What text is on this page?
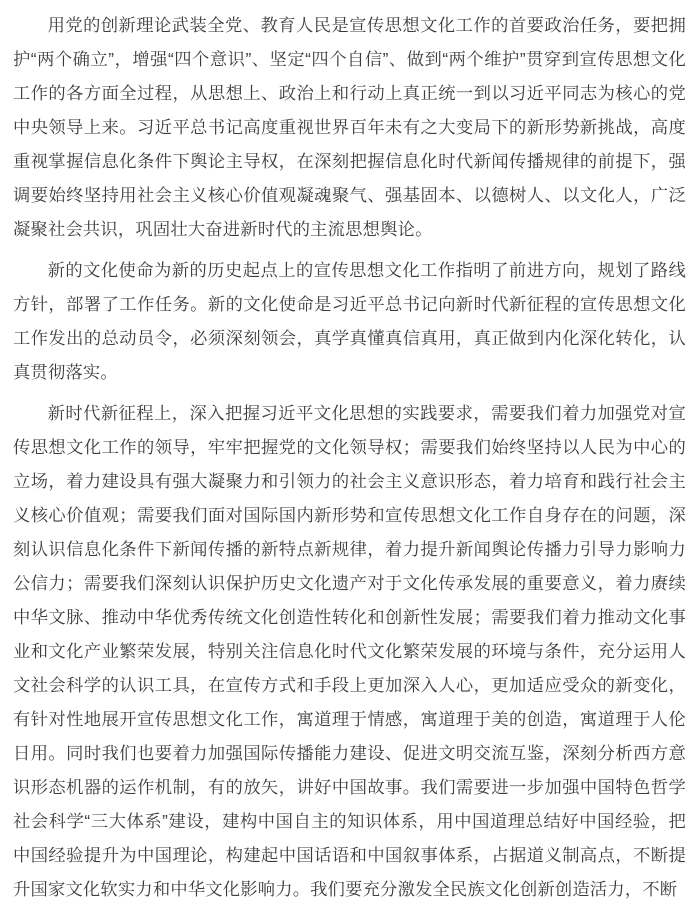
用党的创新理论武装全党、教育人民是宣传思想文化工作的首要政治任务，要把拥护“两个确立”，增强“四个意识”、坚定“四个自信”、做到“两个维护”贯穿到宣传思想文化工作的各方面全过程，从思想上、政治上和行动上真正统一到以习近平同志为核心的党中央领导上来。习近平总书记高度重视世界百年未有之大变局下的新形势新挑战，高度重视掌握信息化条件下舆论主导权，在深刻把握信息化时代新闻传播规律的前提下，强调要始终坚持用社会主义核心价值观凝魂聚气、强基固本、以德树人、以文化人，广泛凝聚社会共识，巩固壮大奋进新时代的主流思想舆论。

新的文化使命为新的历史起点上的宣传思想文化工作指明了前进方向，规划了路线方针，部署了工作任务。新的文化使命是习近平总书记向新时代新征程的宣传思想文化工作发出的总动员令，必须深刻领会，真学真懂真信真用，真正做到内化深化转化，认真贯彻落实。

新时代新征程上，深入把握习近平文化思想的实践要求，需要我们着力加强党对宣传思想文化工作的领导，牢牢把握党的文化领导权；需要我们始终坚持以人民为中心的立场，着力建设具有强大凝聚力和引领力的社会主义意识形态，着力培育和践行社会主义核心价值观；需要我们面对国际国内新形势和宣传思想文化工作自身存在的问题，深刻认识信息化条件下新闻传播的新特点新规律，着力提升新闻舆论传播力引导力影响力公信力；需要我们深刻认识保护历史文化遗产对于文化传承发展的重要意义，着力赓续中华文脉、推动中华优秀传统文化创造性转化和创新性发展；需要我们着力推动文化事业和文化产业繁荣发展，特别关注信息化时代文化繁荣发展的环境与条件，充分运用人文社会科学的认识工具，在宣传方式和手段上更加深入人心，更加适应受众的新变化，有针对性地展开宣传思想文化工作，寓道理于情感，寓道理于美的创造，寓道理于人伦日用。同时我们也要着力加强国际传播能力建设、促进文明交流互鉴，深刻分析西方意识形态机器的运作机制，有的放矢，讲好中国故事。我们需要进一步加强中国特色哲学社会科学“三大体系”建设，建构中国自主的知识体系，用中国道理总结好中国经验，把中国经验提升为中国理论，构建起中国话语和中国叙事体系，占据道义制高点，不断提升国家文化软实力和中华文化影响力。我们要充分激发全民族文化创新创造活力，不断
